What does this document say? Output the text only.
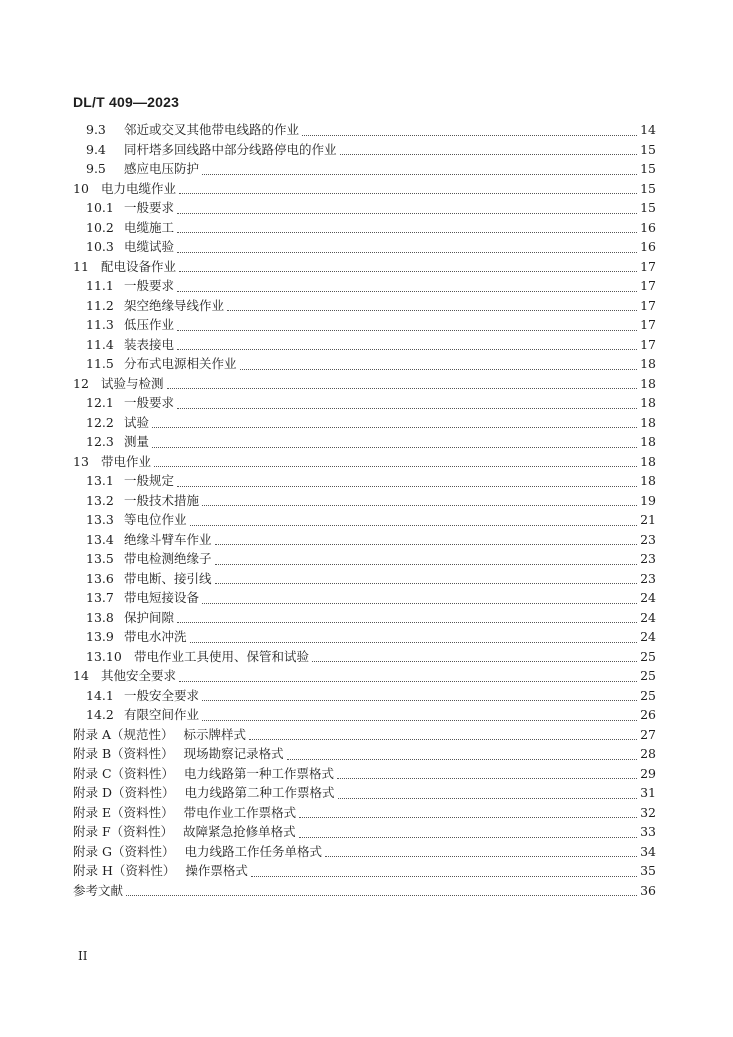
DL/T 409—2023
9.3	邻近或交叉其他带电线路的作业	14
9.4	同杆塔多回线路中部分线路停电的作业	15
9.5	感应电压防护	15
10 电力电缆作业	15
10.1 一般要求	15
10.2 电缆施工	16
10.3 电缆试验	16
11 配电设备作业	17
11.1 一般要求	17
11.2 架空绝缘导线作业	17
11.3 低压作业	17
11.4 装表接电	17
11.5 分布式电源相关作业	18
12 试验与检测	18
12.1 一般要求	18
12.2 试验	18
12.3 测量	18
13 带电作业	18
13.1 一般规定	18
13.2 一般技术措施	19
13.3 等电位作业	21
13.4 绝缘斗臂车作业	23
13.5 带电检测绝缘子	23
13.6 带电断、接引线	23
13.7 带电短接设备	24
13.8 保护间隙	24
13.9 带电水冲洗	24
13.10 带电作业工具使用、保管和试验	25
14 其他安全要求	25
14.1 一般安全要求	25
14.2 有限空间作业	26
附录 A（规范性） 标示牌样式	27
附录 B（资料性） 现场勘察记录格式	28
附录 C（资料性） 电力线路第一种工作票格式	29
附录 D（资料性） 电力线路第二种工作票格式	31
附录 E（资料性） 带电作业工作票格式	32
附录 F（资料性） 故障紧急抢修单格式	33
附录 G（资料性） 电力线路工作任务单格式	34
附录 H（资料性） 操作票格式	35
参考文献	36
II
